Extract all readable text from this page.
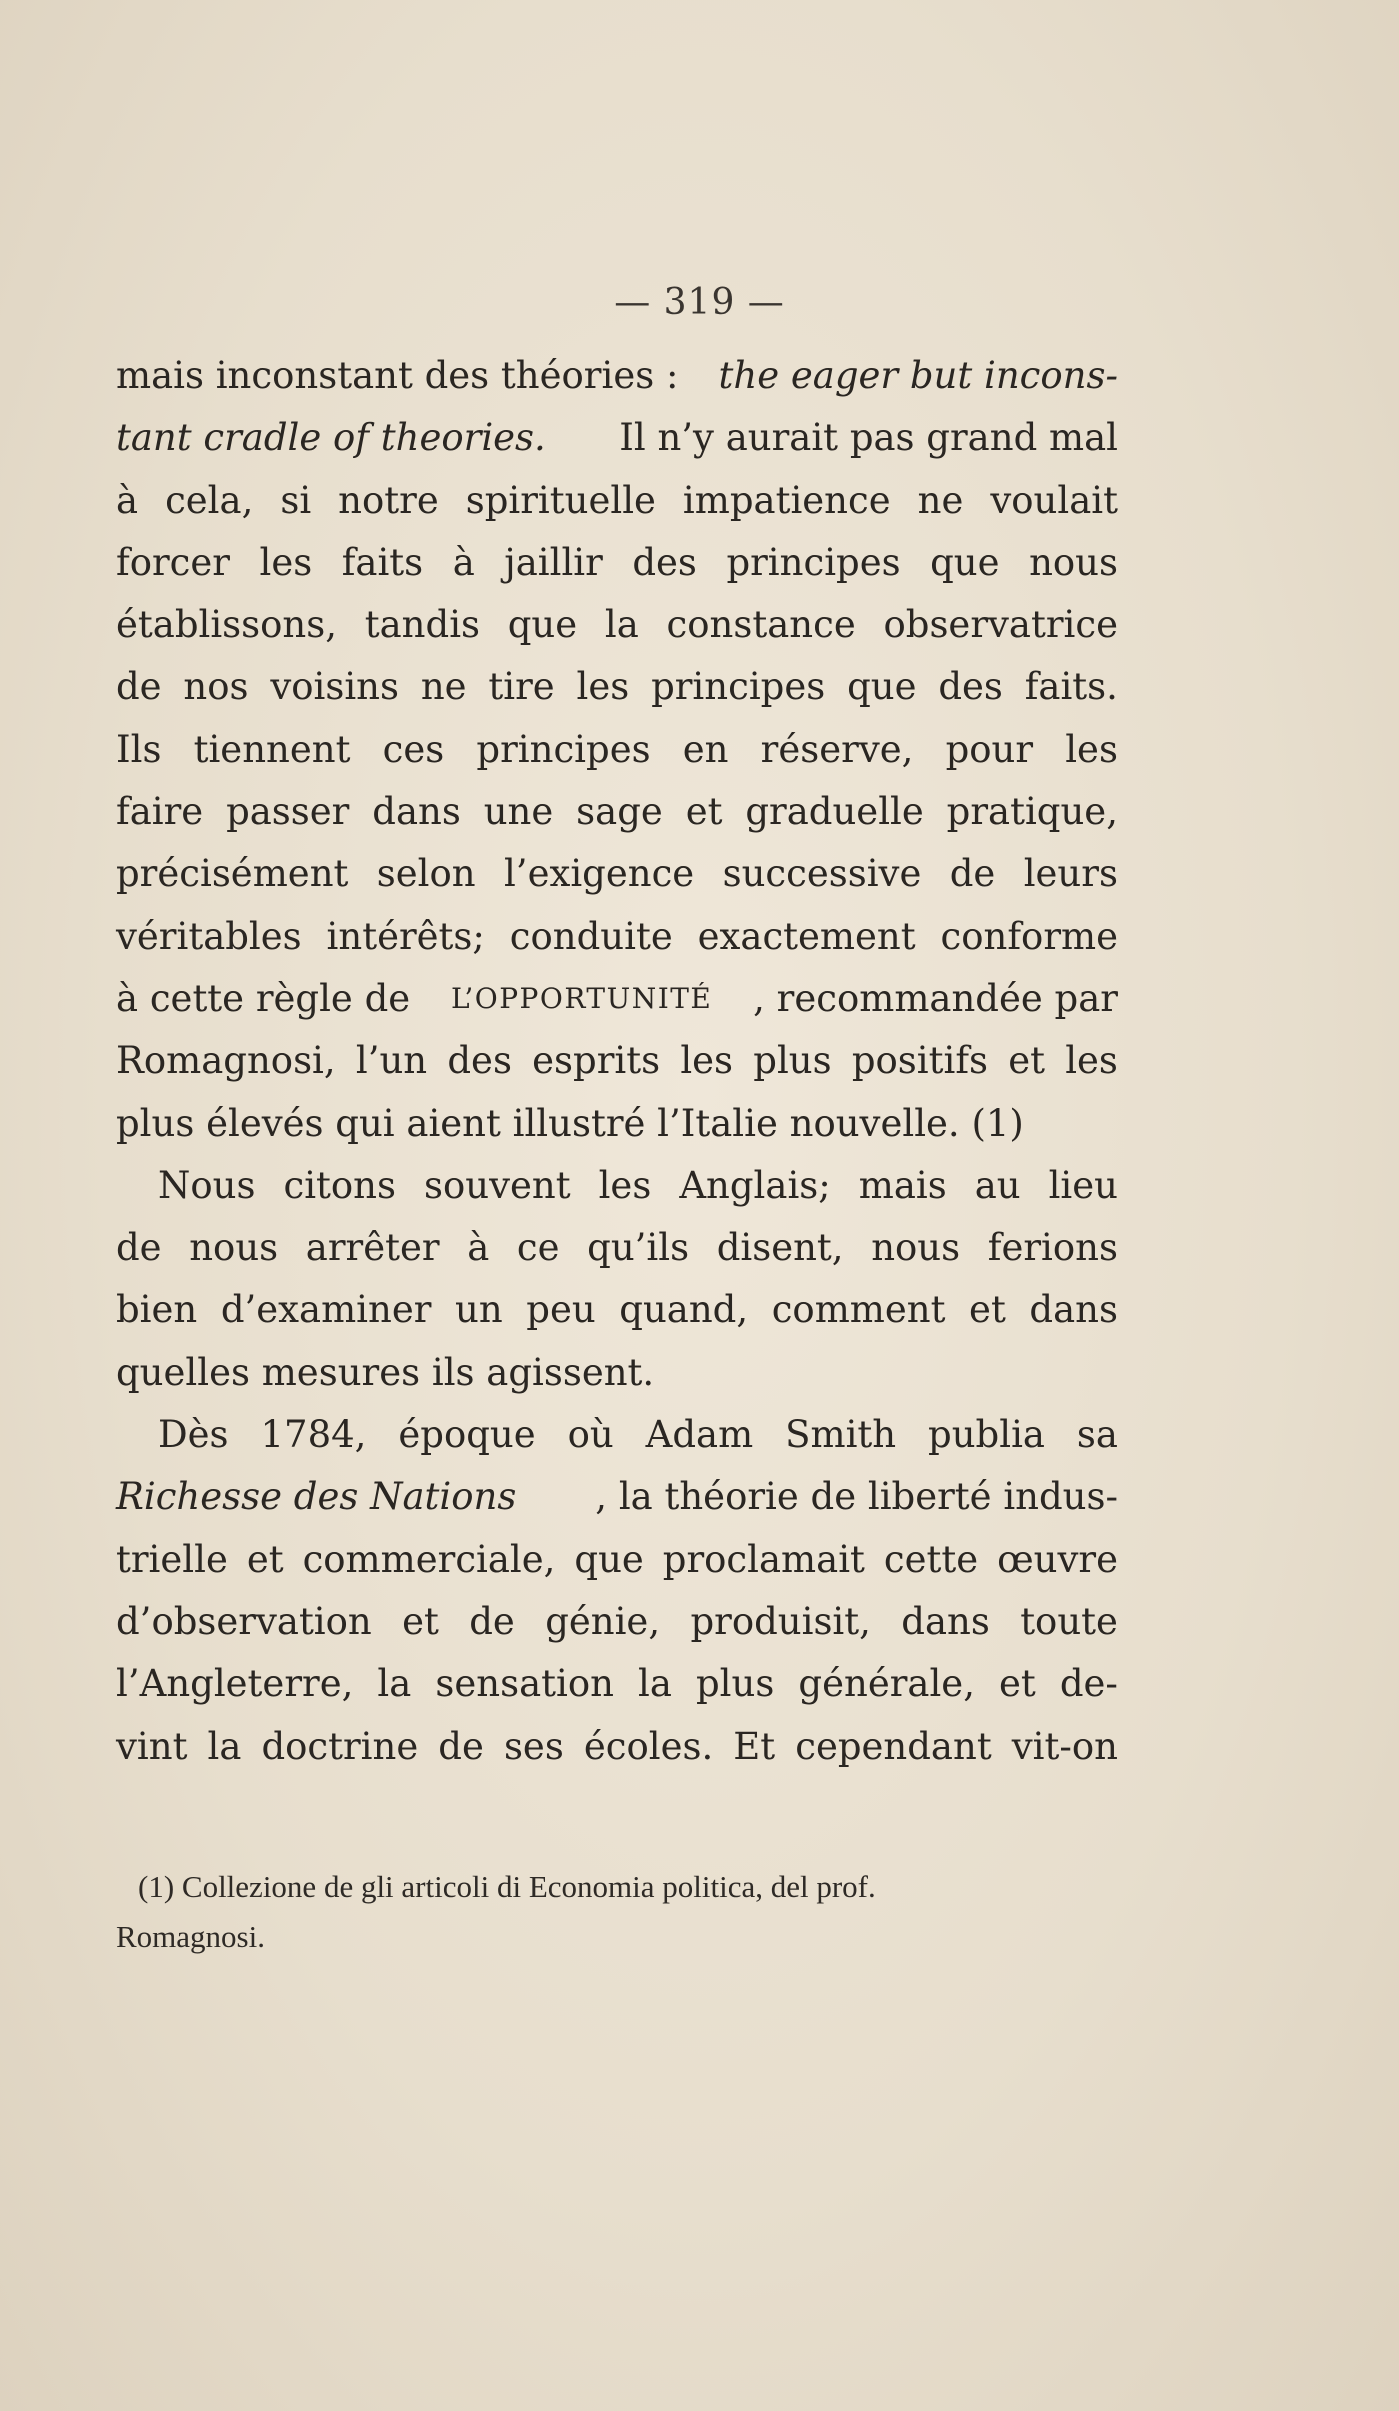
— 319 —
mais inconstant des théories : the eager but incons-
tant cradle of theories. Il n’y aurait pas grand mal
à cela, si notre spirituelle impatience ne voulait
forcer les faits à jaillir des principes que nous
établissons, tandis que la constance observatrice
de nos voisins ne tire les principes que des faits.
Ils tiennent ces principes en réserve, pour les
faire passer dans une sage et graduelle pratique,
précisément selon l’exigence successive de leurs
véritables intérêts; conduite exactement conforme
à cette règle de L’OPPORTUNITÉ , recommandée par
Romagnosi, l’un des esprits les plus positifs et les
plus élevés qui aient illustré l’Italie nouvelle. (1)
Nous citons souvent les Anglais; mais au lieu
de nous arrêter à ce qu’ils disent, nous ferions
bien d’examiner un peu quand, comment et dans
quelles mesures ils agissent.
Dès 1784, époque où Adam Smith publia sa
Richesse des Nations , la théorie de liberté indus-
trielle et commerciale, que proclamait cette œuvre
d’observation et de génie, produisit, dans toute
l’Angleterre, la sensation la plus générale, et de-
vint la doctrine de ses écoles. Et cependant vit-on
(1) Collezione de gli articoli di Economia politica, del prof.
Romagnosi.
